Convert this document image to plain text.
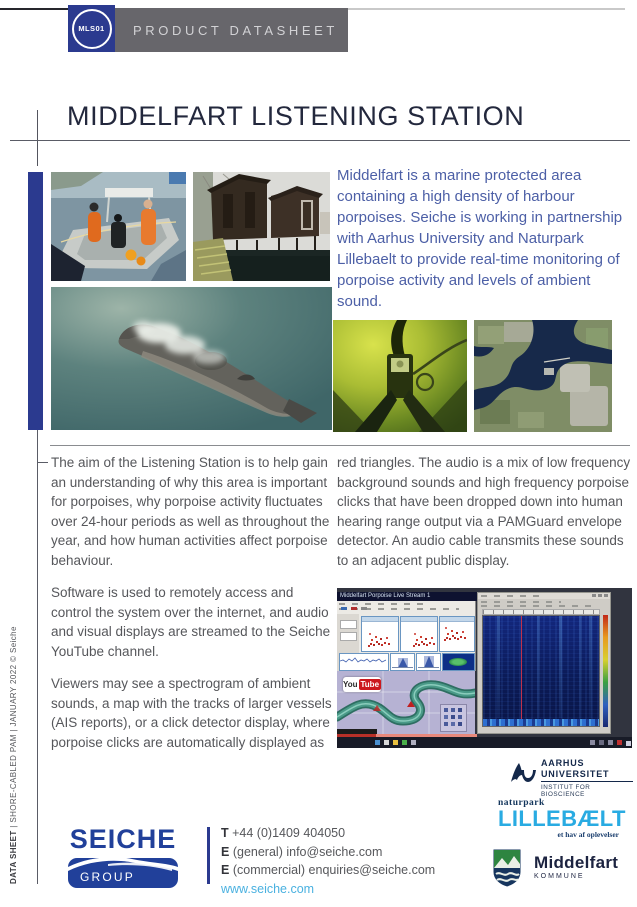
MLS01 PRODUCT DATASHEET
MIDDELFART LISTENING STATION
Middelfart is a marine protected area containing a high density of harbour porpoises. Seiche is working in partnership with Aarhus University and Naturpark Lillebaelt to provide real-time monitoring of porpoise activity and levels of ambient sound.

The aim of the Listening Station is to help gain an understanding of why this area is important for porpoises, why porpoise activity fluctuates over 24-hour periods as well as throughout the year, and how human activities affect porpoise behaviour.

Software is used to remotely access and control the system over the internet, and audio and visual displays are streamed to the Seiche YouTube channel.

Viewers may see a spectrogram of ambient sounds, a map with the tracks of larger vessels (AIS reports), or a click detector display, where porpoise clicks are automatically displayed as

red triangles. The audio is a mix of low frequency background sounds and high frequency porpoise clicks that have been dropped down into human hearing range output via a PAMGuard envelope detector. An audio cable transmits these sounds to an adjacent public display.

Middelfart Porpoise Live Stream 1
You Tube
DATA SHEET | SHORE-CABLED PAM | JANUARY 2022 © Seiche
SEICHE
GROUP
T +44 (0)1409 404050
E (general) info@seiche.com
E (commercial) enquiries@seiche.com
www.seiche.com
AARHUS
UNIVERSITET
INSTITUT FOR BIOSCIENCE
naturpark
LILLEBÆLT
et hav af oplevelser
Middelfart
KOMMUNE
